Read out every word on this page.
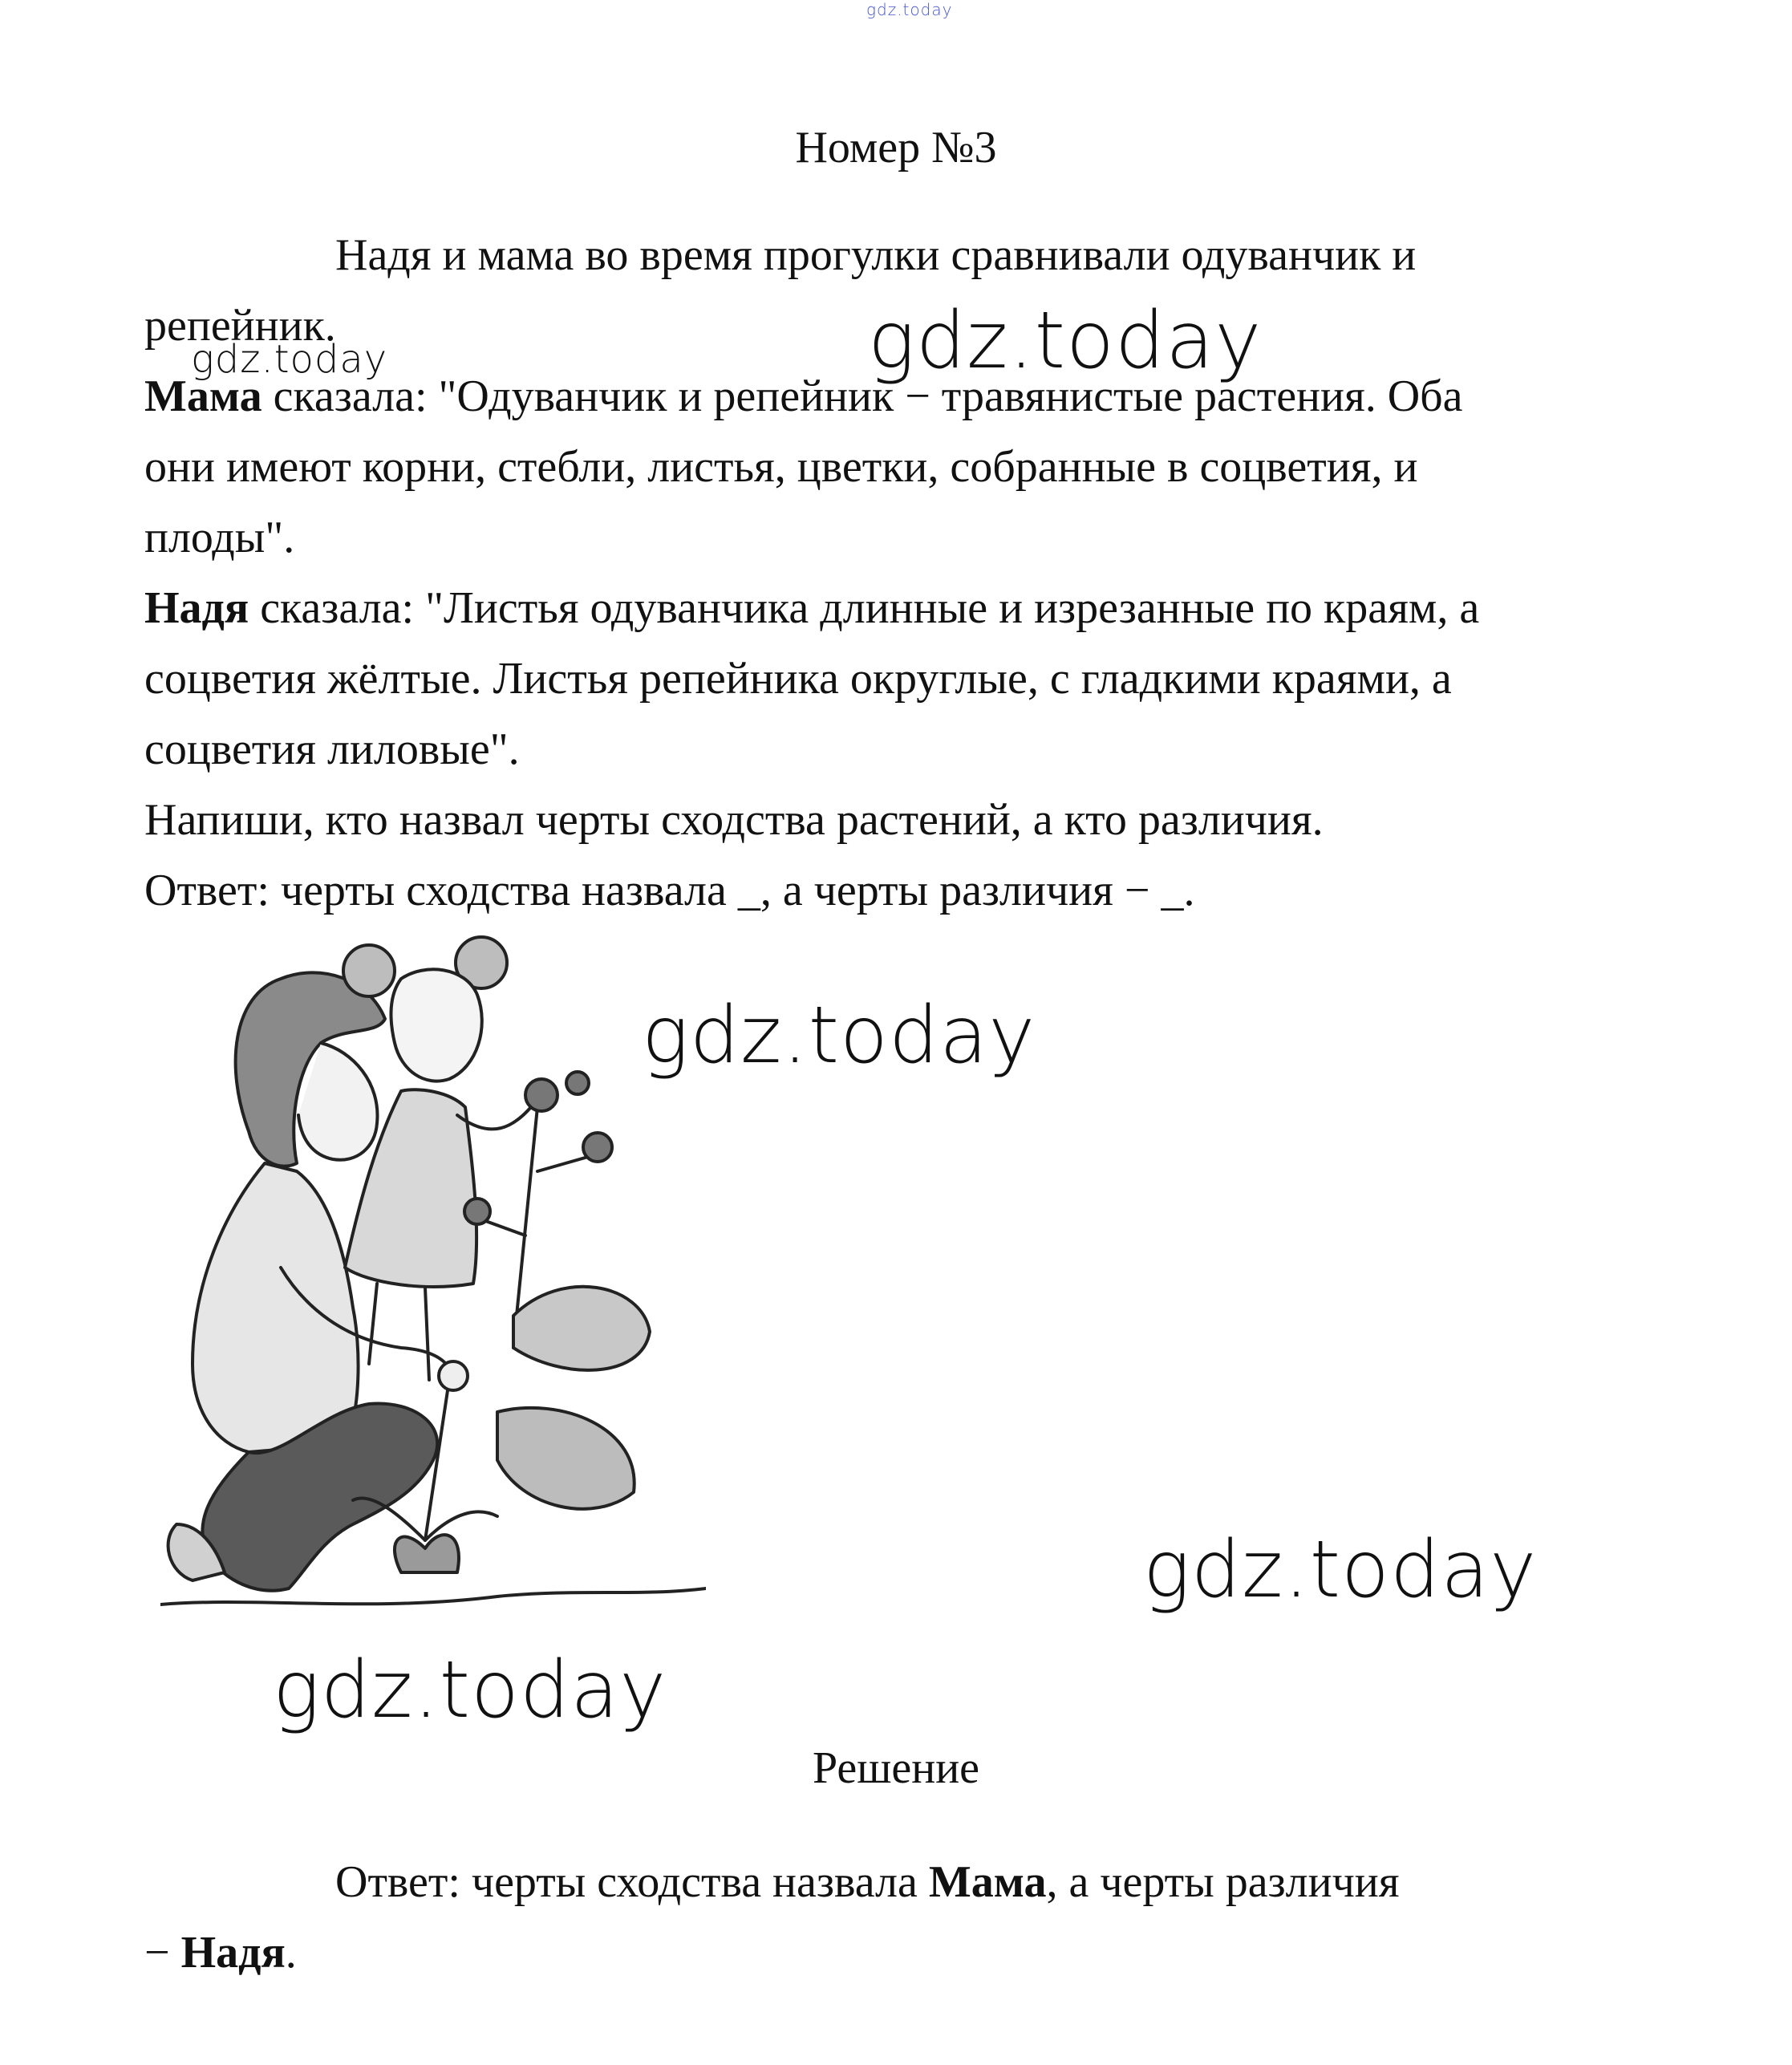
gdz.today
Номер №3
Надя и мама во время прогулки сравнивали одуванчик и
репейник.
gdz.today	gdz.today
Мама сказала: "Одуванчик и репейник − травянистые растения. Оба
они имеют корни, стебли, листья, цветки, собранные в соцветия, и
плоды".
Надя сказала: "Листья одуванчика длинные и изрезанные по краям, а
соцветия жёлтые. Листья репейника округлые, с гладкими краями, а
соцветия лиловые".
Напиши, кто назвал черты сходства растений, а кто различия.
Ответ: черты сходства назвала _, а черты различия − _.
gdz.today
gdz.today
gdz.today
Решение
Ответ: черты сходства назвала Мама, а черты различия
− Надя.
